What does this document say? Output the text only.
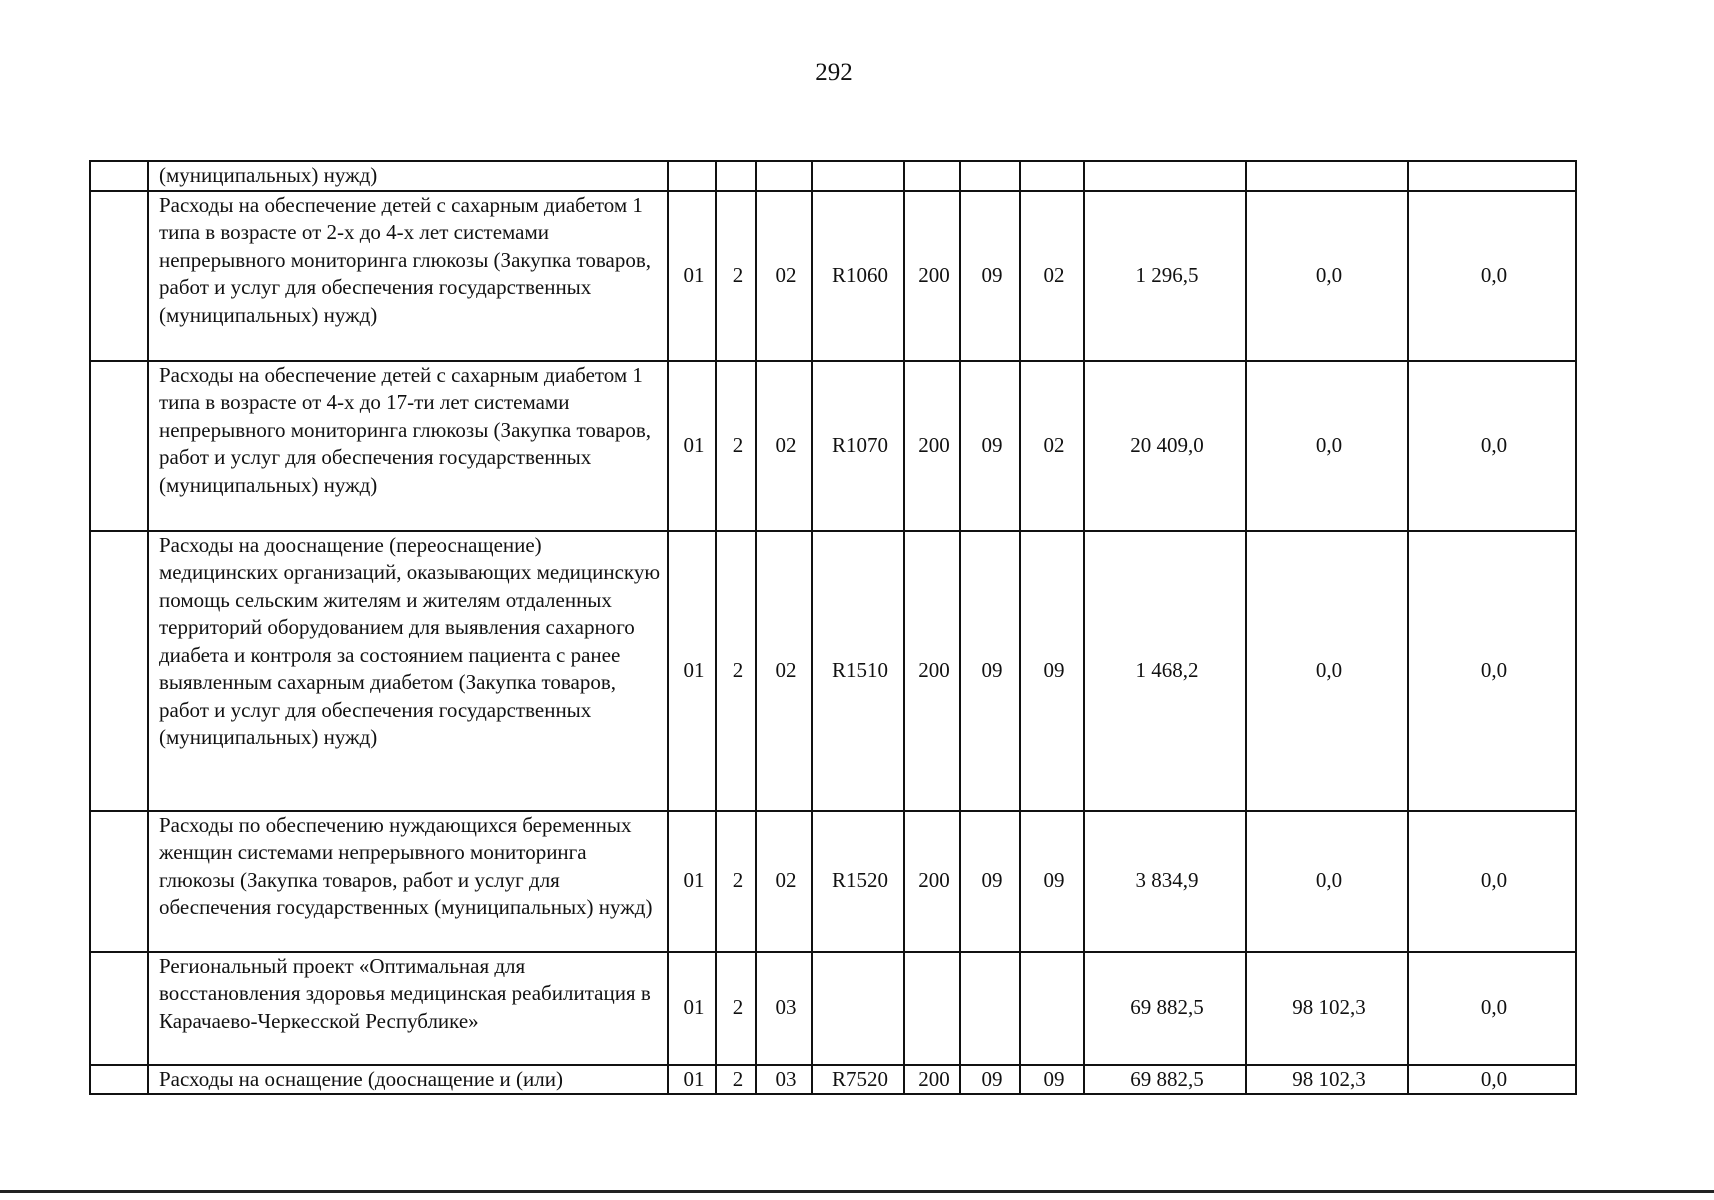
292
	(муниципальных) нужд)										
	Расходы на обеспечение детей с сахарным диабетом 1 типа в возрасте от 2-х до 4-х лет системами непрерывного мониторинга глюкозы (Закупка товаров, работ и услуг для обеспечения государственных (муниципальных) нужд)	01	2	02	R1060	200	09	02	1 296,5	0,0	0,0
	Расходы на обеспечение детей с сахарным диабетом 1 типа в возрасте от 4-х до 17-ти лет системами непрерывного мониторинга глюкозы (Закупка товаров, работ и услуг для обеспечения государственных (муниципальных) нужд)	01	2	02	R1070	200	09	02	20 409,0	0,0	0,0
	Расходы на дооснащение (переоснащение) медицинских организаций, оказывающих медицинскую помощь сельским жителям и жителям отдаленных территорий оборудованием для выявления сахарного диабета и контроля за состоянием пациента с ранее выявленным сахарным диабетом (Закупка товаров, работ и услуг для обеспечения государственных (муниципальных) нужд)	01	2	02	R1510	200	09	09	1 468,2	0,0	0,0
	Расходы по обеспечению нуждающихся беременных женщин системами непрерывного мониторинга глюкозы (Закупка товаров, работ и услуг для обеспечения государственных (муниципальных) нужд)	01	2	02	R1520	200	09	09	3 834,9	0,0	0,0
	Региональный проект «Оптимальная для восстановления здоровья медицинская реабилитация в Карачаево-Черкесской Республике»	01	2	03					69 882,5	98 102,3	0,0
	Расходы на оснащение (дооснащение и (или)	01	2	03	R7520	200	09	09	69 882,5	98 102,3	0,0
